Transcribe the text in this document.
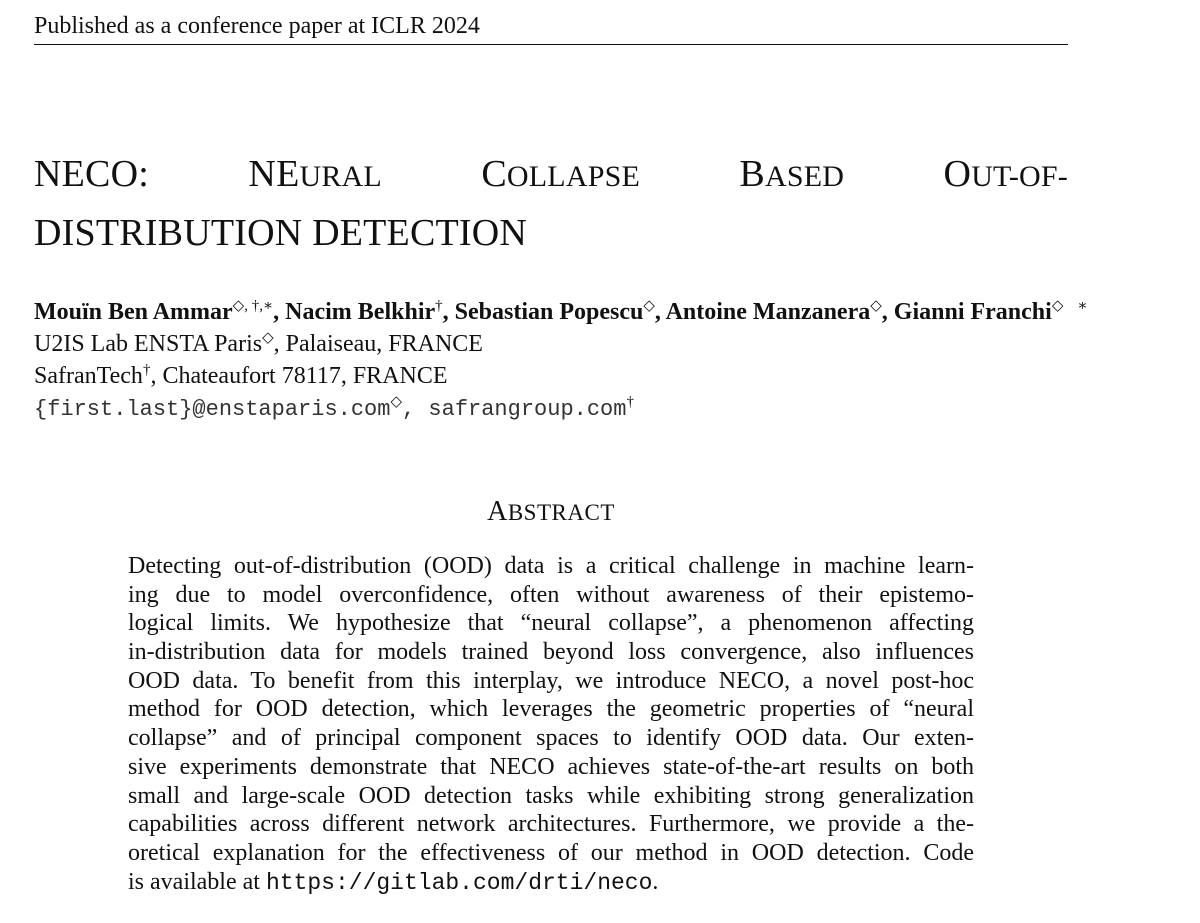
Published as a conference paper at ICLR 2024
NECO:	NEURAL	COLLAPSE	BASED	OUT-OF-
DISTRIBUTION DETECTION
Mouïn Ben Ammar◇, †,∗, Nacim Belkhir†, Sebastian Popescu◇, Antoine Manzanera◇, Gianni Franchi◇ ∗
U2IS Lab ENSTA Paris◇, Palaiseau, FRANCE
SafranTech†, Chateaufort 78117, FRANCE
{first.last}@enstaparis.com◇, safrangroup.com†
ABSTRACT
Detecting out-of-distribution (OOD) data is a critical challenge in machine learn-
ing due to model overconfidence, often without awareness of their epistemo-
logical limits. We hypothesize that “neural collapse”, a phenomenon affecting
in-distribution data for models trained beyond loss convergence, also influences
OOD data. To benefit from this interplay, we introduce NECO, a novel post-hoc
method for OOD detection, which leverages the geometric properties of “neural
collapse” and of principal component spaces to identify OOD data. Our exten-
sive experiments demonstrate that NECO achieves state-of-the-art results on both
small and large-scale OOD detection tasks while exhibiting strong generalization
capabilities across different network architectures. Furthermore, we provide a the-
oretical explanation for the effectiveness of our method in OOD detection. Code
is available at https://gitlab.com/drti/neco.
